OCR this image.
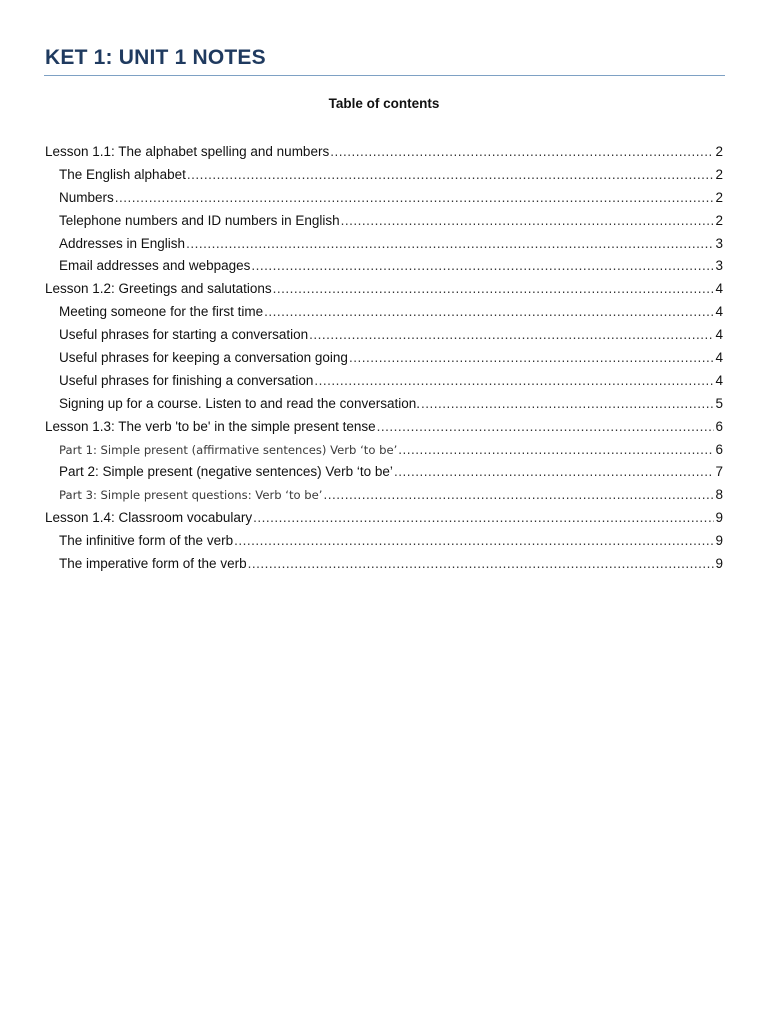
KET 1: UNIT 1 NOTES
Table of contents
Lesson 1.1: The alphabet spelling and numbers .....	2
The English alphabet .....	2
Numbers .....	2
Telephone numbers and ID numbers in English .....	2
Addresses in English .....	3
Email addresses and webpages .....	3
Lesson 1.2: Greetings and salutations .....	4
Meeting someone for the first time .....	4
Useful phrases for starting a conversation .....	4
Useful phrases for keeping a conversation going .....	4
Useful phrases for finishing a conversation .....	4
Signing up for a course. Listen to and read the conversation. .....	5
Lesson 1.3: The verb 'to be' in the simple present tense .....	6
Part 1: Simple present (affirmative sentences) Verb ‘to be’ .....	6
Part 2: Simple present (negative sentences) Verb ‘to be’ .....	7
Part 3: Simple present questions: Verb ‘to be’ .....	8
Lesson 1.4: Classroom vocabulary .....	9
The infinitive form of the verb .....	9
The imperative form of the verb .....	9
